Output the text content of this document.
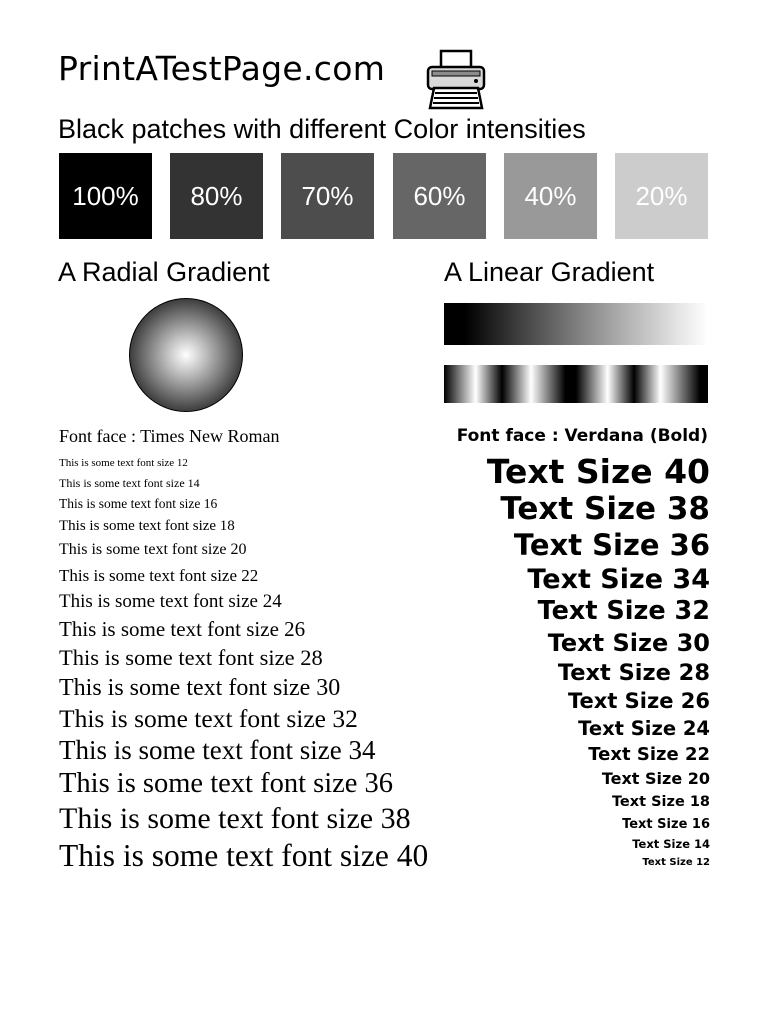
PrintATestPage.com
Black patches with different Color intensities
100% 80% 70% 60% 40% 20%
A Radial Gradient	A Linear Gradient
Font face : Times New Roman
This is some text font size 12
This is some text font size 14
This is some text font size 16
This is some text font size 18
This is some text font size 20
This is some text font size 22
This is some text font size 24
This is some text font size 26
This is some text font size 28
This is some text font size 30
This is some text font size 32
This is some text font size 34
This is some text font size 36
This is some text font size 38
This is some text font size 40
Font face : Verdana (Bold)
Text Size 40
Text Size 38
Text Size 36
Text Size 34
Text Size 32
Text Size 30
Text Size 28
Text Size 26
Text Size 24
Text Size 22
Text Size 20
Text Size 18
Text Size 16
Text Size 14
Text Size 12
